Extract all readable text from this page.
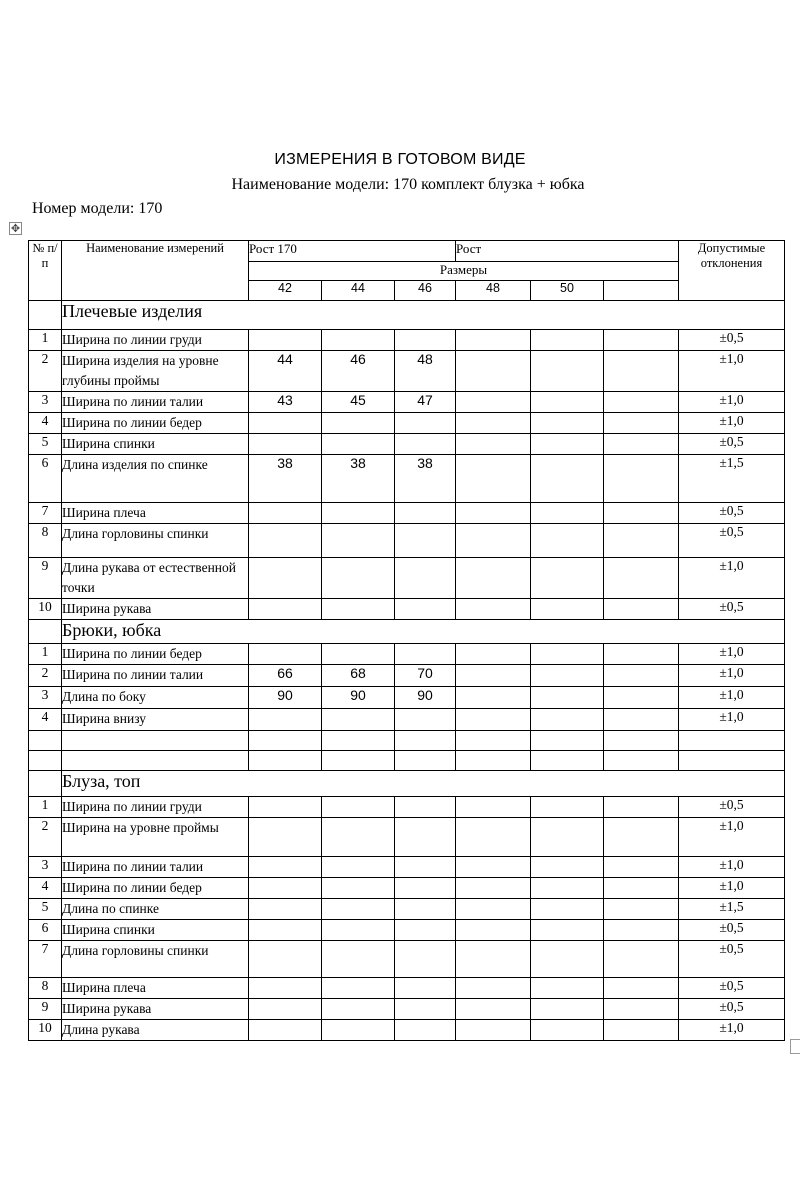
ИЗМЕРЕНИЯ В ГОТОВОМ ВИДЕ
Наименование модели: 170 комплект блузка + юбка
Номер модели: 170
✥
№ п/ п	Наименование измерений	Рост 170			Рост			Допустимые отклонения
		Размеры						
		42	44	46	48	50		
	Плечевые изделия							
1	Ширина по линии груди							±0,5
2	Ширина изделия на уровне глубины проймы	44	46	48				±1,0
3	Ширина по линии талии	43	45	47				±1,0
4	Ширина по линии бедер							±1,0
5	Ширина спинки							±0,5
6	Длина изделия по спинке	38	38	38				±1,5
7	Ширина плеча							±0,5
8	Длина горловины спинки							±0,5
9	Длина рукава от естественной точки							±1,0
10	Ширина рукава							±0,5
	Брюки, юбка							
1	Ширина по линии бедер							±1,0
2	Ширина по линии талии	66	68	70				±1,0
3	Длина по боку	90	90	90				±1,0
4	Ширина внизу							±1,0

	Блуза, топ							
1	Ширина по линии груди							±0,5
2	Ширина на уровне проймы							±1,0
3	Ширина по линии талии							±1,0
4	Ширина по линии бедер							±1,0
5	Длина по спинке							±1,5
6	Ширина спинки							±0,5
7	Длина горловины спинки							±0,5
8	Ширина плеча							±0,5
9	Ширина рукава							±0,5
10	Длина рукава							±1,0
